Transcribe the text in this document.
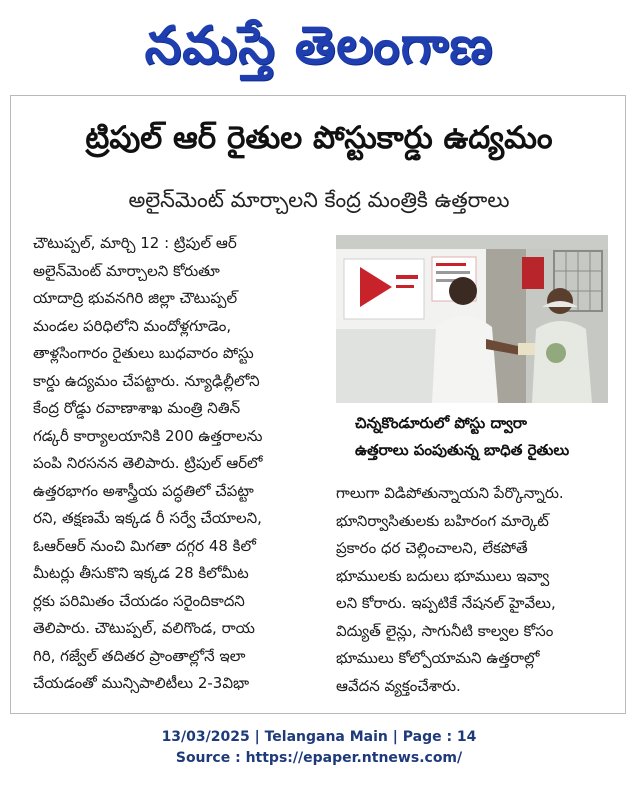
నమస్తే తెలంగాణ
ట్రిపుల్ ఆర్ రైతుల పోస్టుకార్డు ఉద్యమం
అలైన్‌మెంట్ మార్చాలని కేంద్ర మంత్రికి ఉత్తరాలు

చౌటుప్పల్, మార్చి 12 : ట్రిపుల్ ఆర్

అలైన్‌మెంట్ మార్చాలని కోరుతూ

యాదాద్రి భువనగిరి జిల్లా చౌటుప్పల్

మండల పరిధిలోని మందోళ్లగూడెం,

తాళ్లసింగారం రైతులు బుధవారం పోస్టు

కార్డు ఉద్యమం చేపట్టారు. న్యూఢిల్లీలోని

కేంద్ర రోడ్డు రవాణాశాఖ మంత్రి నితిన్

గడ్కరీ కార్యాలయానికి 200 ఉత్తరాలను

పంపి నిరసనన తెలిపారు. ట్రిపుల్ ఆర్‌లో

ఉత్తరభాగం అశాస్త్రీయ పద్ధతిలో చేపట్టా

రని, తక్షణమే ఇక్కడ రీ సర్వే చేయాలని,

ఓఆర్ఆర్ నుంచి మిగతా దగ్గర 48 కిలో

మీటర్లు తీసుకొని ఇక్కడ 28 కిలోమీట

ర్లకు పరిమితం చేయడం సరైందికాదని

తెలిపారు. చౌటుప్పల్, వలిగొండ, రాయ

గిరి, గజ్వేల్ తదితర ప్రాంతాల్లోనే ఇలా

చేయడంతో మున్సిపాలిటీలు 2-3విభా

చిన్నకొండూరులో పోస్టు ద్వారా
ఉత్తరాలు పంపుతున్న బాధిత రైతులు

గాలుగా విడిపోతున్నాయని పేర్కొన్నారు.

భూనిర్వాసితులకు బహిరంగ మార్కెట్

ప్రకారం ధర చెల్లించాలని, లేకపోతే

భూములకు బదులు భూములు ఇవ్వా

లని కోరారు. ఇప్పటికే నేషనల్ హైవేలు,

విద్యుత్ లైన్లు, సాగునీటి కాల్వల కోసం

భూములు కోల్పోయామని ఉత్తరాల్లో

ఆవేదన వ్యక్తంచేశారు.

13/03/2025 | Telangana Main | Page : 14
Source : https://epaper.ntnews.com/
